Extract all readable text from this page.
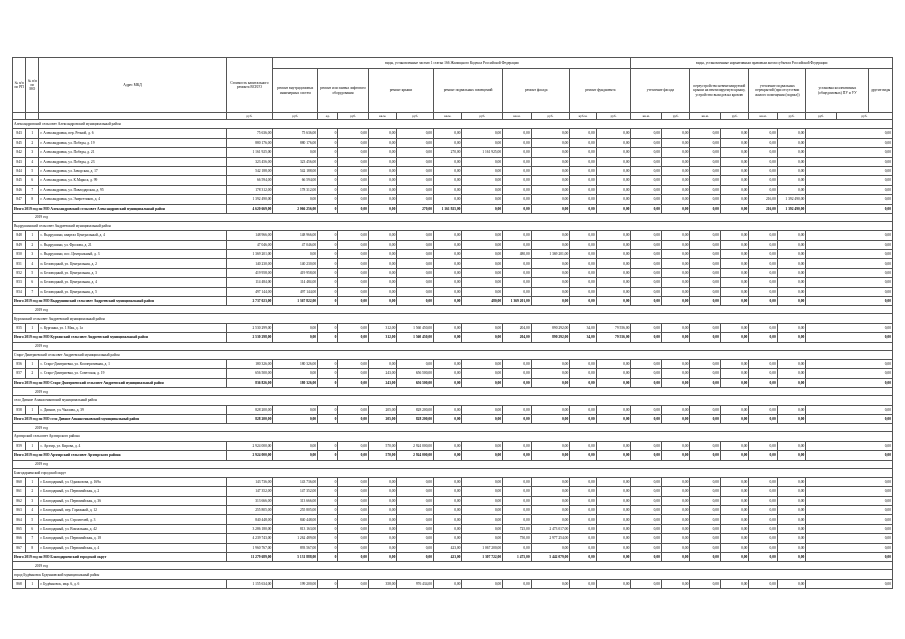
№ п/п по РП	№ п/п по МО	Адрес МКД	Стоимость капитального ремонта ВСЕГО	виды, установленные частью 1 статьи 166 Жилищного Кодекса Российской Федерации											виды, установленные нормативным правовым актом субъекта Российской Федерации								
				ремонт внутридомовых инженерных систем	ремонт или замена лифтового оборудования		ремонт крыши		ремонт подвальных помещений		ремонт фасада		ремонт фундамента		утепление фасада		переустройство невентилируемой крыши на вентилируемую крышу, устройство выходов на кровлю		утепление подвальных перекрытий (при отсутствии жилого помещения (подвал))		установка коллективных (общедомовых) ПУ и УУ		другие виды
			руб.	руб.	ед.	руб.	кв.м.	руб.	кв.м.	руб.	кв.м.	руб.	куб.м.	руб.	кв.м.	руб.	кв.м.	руб.	кв.м.	руб.	руб.	руб.	
Александровский сельсовет Александровский муниципальный район																							
843	1	г. Александровка, пер. Речной, д. 6	75 636,00	75 636,00	0	0,00	0,00	0,00	0,00	0,00	0,00	0,00	0,00	0,00	0,00	0,00	0,00	0,00	0,00	0,00	0,00		
845	2	г. Александровка, ул. Победы, д. 19	880 176,00	880 176,00	0	0,00	0,00	0,00	0,00	0,00	0,00	0,00	0,00	0,00	0,00	0,00	0,00	0,00	0,00	0,00	0,00		
842	3	г. Александровка, ул. Победы, д. 21	1 161 925,00	0,00	0	0,00	0,00	0,00	270,00	1 161 925,00	0,00	0,00	0,00	0,00	0,00	0,00	0,00	0,00	0,00	0,00	0,00		
843	4	г. Александровка, ул. Победы, д. 23	323 456,00	323 456,00	0	0,00	0,00	0,00	0,00	0,00	0,00	0,00	0,00	0,00	0,00	0,00	0,00	0,00	0,00	0,00	0,00		
844	5	г. Александровка, ул. Заводская, д. 17	542 188,00	542 188,00	0	0,00	0,00	0,00	0,00	0,00	0,00	0,00	0,00	0,00	0,00	0,00	0,00	0,00	0,00	0,00	0,00		
845	6	г. Александровка, ул. К.Маркса, д. 99	66 594,00	66 594,00	0	0,00	0,00	0,00	0,00	0,00	0,00	0,00	0,00	0,00	0,00	0,00	0,00	0,00	0,00	0,00	0,00		
846	7	г. Александровка, ул. Павлодарская, д. 95	178 312,00	178 312,00	0	0,00	0,00	0,00	0,00	0,00	0,00	0,00	0,00	0,00	0,00	0,00	0,00	0,00	0,00	0,00	0,00		
847	8	г. Александровка, ул. Энергетиков, д. 4	1 392 490,00	0,00	0	0,00	0,00	0,00	0,00	0,00	0,00	0,00	0,00	0,00	0,00	0,00	0,00	0,00	216,00	1 392 490,00	0,00		
Итого 2019 год по МО Александровский сельсовет Александровский муниципальный район			4 620 669,00	2 066 256,00	0	0,00	0,00	270,00	1 161 925,00	0,00	0,00	0,00	0,00	0,00	0,00	0,00	0,00	0,00	216,00	1 392 490,00	0,00		
2019 год																							
Выдрушинский сельсовет Андреевский муниципальный район																							
848	1	с. Выдрушино, квартал Центральный, д. 4	148 966,00	148 966,00	0	0,00	0,00	0,00	0,00	0,00	0,00	0,00	0,00	0,00	0,00	0,00	0,00	0,00	0,00	0,00	0,00		
849	2	с. Выдрушино, ул. Фролова, д. 21	47 046,00	47 046,00	0	0,00	0,00	0,00	0,00	0,00	0,00	0,00	0,00	0,00	0,00	0,00	0,00	0,00	0,00	0,00	0,00		
850	3	с. Выдрушино, пос. Центральный, д. 3	1 369 201,00	0,00	0	0,00	0,00	0,00	0,00	0,00	480,00	1 369 201,00	0,00	0,00	0,00	0,00	0,00	0,00	0,00	0,00	0,00		
851	4	п. Беловодный, ул. Центральная, д. 2	140 230,00	140 230,00	0	0,00	0,00	0,00	0,00	0,00	0,00	0,00	0,00	0,00	0,00	0,00	0,00	0,00	0,00	0,00	0,00		
852	5	п. Беловодный, ул. Центральная, д. 3	419 958,00	419 958,00	0	0,00	0,00	0,00	0,00	0,00	0,00	0,00	0,00	0,00	0,00	0,00	0,00	0,00	0,00	0,00	0,00		
853	6	п. Беловодный, ул. Центральная, д. 4	114 484,00	114 484,00	0	0,00	0,00	0,00	0,00	0,00	0,00	0,00	0,00	0,00	0,00	0,00	0,00	0,00	0,00	0,00	0,00		
854	7	п. Беловодный, ул. Центральная, д. 5	497 144,00	497 144,00	0	0,00	0,00	0,00	0,00	0,00	0,00	0,00	0,00	0,00	0,00	0,00	0,00	0,00	0,00	0,00	0,00		
Итого 2019 год по МО Выдрушинский сельсовет Андреевский муниципальный район			2 737 023,00	1 367 822,00	0	0,00	0,00	0,00	0,00	480,00	1 369 201,00	0,00	0,00	0,00	0,00	0,00	0,00	0,00	0,00	0,00	0,00		
2019 год																							
Курганский сельсовет Андреевский муниципальный район																							
855	1	с. Курганка, ул. 1 Мая, д. 1а	2 530 299,00	0,00	0	0,00	312,00	1 560 450,00	0,00	0,00	204,00	890 292,00	34,00	79 556,00	0,00	0,00	0,00	0,00	0,00	0,00	0,00		
Итого 2019 год по МО Курганский сельсовет Андреевский муниципальный район			2 530 298,00	0,00	0	0,00	312,00	1 560 450,00	0,00	0,00	204,00	890 292,00	34,00	79 556,00	0,00	0,00	0,00	0,00	0,00	0,00	0,00		
2019 год																							
Старо-Дмитриевский сельсовет Андреевский муниципальный район																							
856	1	с. Старо-Дмитриевка, ул. Кооперативная, д. 1	180 326,00	180 326,00	0	0,00	0,00	0,00	0,00	0,00	0,00	0,00	0,00	0,00	0,00	0,00	0,00	0,00	0,00	0,00	0,00		
857	2	с. Старо-Дмитриевка, ул. Советская, д. 19	656 500,00	0,00	0	0,00	243,00	656 500,00	0,00	0,00	0,00	0,00	0,00	0,00	0,00	0,00	0,00	0,00	0,00	0,00	0,00		
Итого 2019 год по МО Старо-Дмитриевский сельсовет Андреевский муниципальный район			836 826,00	180 326,00	0	0,00	243,00	656 500,00	0,00	0,00	0,00	0,00	0,00	0,00	0,00	0,00	0,00	0,00	0,00	0,00	0,00		
2019 год																							
село Дивное Апанасенковский муниципальный район																							
858	1	с. Дивное, ул. Чкалова, д. 39	828 200,00	0,00	0	0,00	205,00	828 200,00	0,00	0,00	0,00	0,00	0,00	0,00	0,00	0,00	0,00	0,00	0,00	0,00	0,00		
Итого 2019 год по МО село Дивное Апанасенковский муниципальный район			828 200,00	0,00	0	0,00	205,00	828 200,00	0,00	0,00	0,00	0,00	0,00	0,00	0,00	0,00	0,00	0,00	0,00	0,00	0,00		
2019 год																							
Арзгирский сельсовет Арзгирского района																							
859	1	с. Арзгир, ул. Кирова, д. 4	2 924 000,00	0,00	0	0,00	570,00	2 924 000,00	0,00	0,00	0,00	0,00	0,00	0,00	0,00	0,00	0,00	0,00	0,00	0,00	0,00		
Итого 2019 год по МО Арзгирский сельсовет Арзгирского района			2 924 000,00	0,00	0	0,00	570,00	2 924 000,00	0,00	0,00	0,00	0,00	0,00	0,00	0,00	0,00	0,00	0,00	0,00	0,00	0,00		
2019 год																							
Благодарненский городской округ																							
860	1	г. Благодарный, ул. Однокозова, д. 169а	143 736,00	143 736,00	0	0,00	0,00	0,00	0,00	0,00	0,00	0,00	0,00	0,00	0,00	0,00	0,00	0,00	0,00	0,00	0,00		
861	2	г. Благодарный, ул. Первомайская, д. 2	147 352,00	147 352,00	0	0,00	0,00	0,00	0,00	0,00	0,00	0,00	0,00	0,00	0,00	0,00	0,00	0,00	0,00	0,00	0,00		
862	3	г. Благодарный, ул. Первомайская, д. 36	313 666,00	313 666,00	0	0,00	0,00	0,00	0,00	0,00	0,00	0,00	0,00	0,00	0,00	0,00	0,00	0,00	0,00	0,00	0,00		
863	4	г. Благодарный, пер. Гаражный, д. 12	255 805,00	255 805,00	0	0,00	0,00	0,00	0,00	0,00	0,00	0,00	0,00	0,00	0,00	0,00	0,00	0,00	0,00	0,00	0,00		
864	5	г. Благодарный, ул. Строителей, д. 3	840 448,00	840 448,00	0	0,00	0,00	0,00	0,00	0,00	0,00	0,00	0,00	0,00	0,00	0,00	0,00	0,00	0,00	0,00	0,00		
865	6	г. Благодарный, ул. Вокзальная, д. 42	3 286 180,00	813 163,00	0	0,00	0,00	0,00	0,00	0,00	725,00	2 473 017,00	0,00	0,00	0,00	0,00	0,00	0,00	0,00	0,00	0,00		
866	7	г. Благодарный, ул. Первомайская, д. 18	4 239 743,00	1 262 489,00	0	0,00	0,00	0,00	0,00	0,00	750,00	2 977 254,00	0,00	0,00	0,00	0,00	0,00	0,00	0,00	0,00	0,00		
867	8	г. Благодарный, ул. Первомайская, д. 4	1 960 767,00	893 567,00	0	0,00	0,00	0,00	423,00	1 067 200,00	0,00	0,00	0,00	0,00	0,00	0,00	0,00	0,00	0,00	0,00	0,00		
Итого 2019 год по МО Благодарненский городской округ			11 279 689,00	5 131 888,00	0	0,00	0,00	0,00	423,00	1 307 722,00	1 475,00	5 442 079,00	0,00	0,00	0,00	0,00	0,00	0,00	0,00	0,00	0,00		
2019 год																							
город Будённовск Буденновский муниципальный район																							
868	1	г. Будённовск, мкр. 6, д. 6	1 155 634,00	199 200,00	0	0,00	358,00	976 434,00	0,00	0,00	0,00	0,00	0,00	0,00	0,00	0,00	0,00	0,00	0,00	0,00	0,00		
